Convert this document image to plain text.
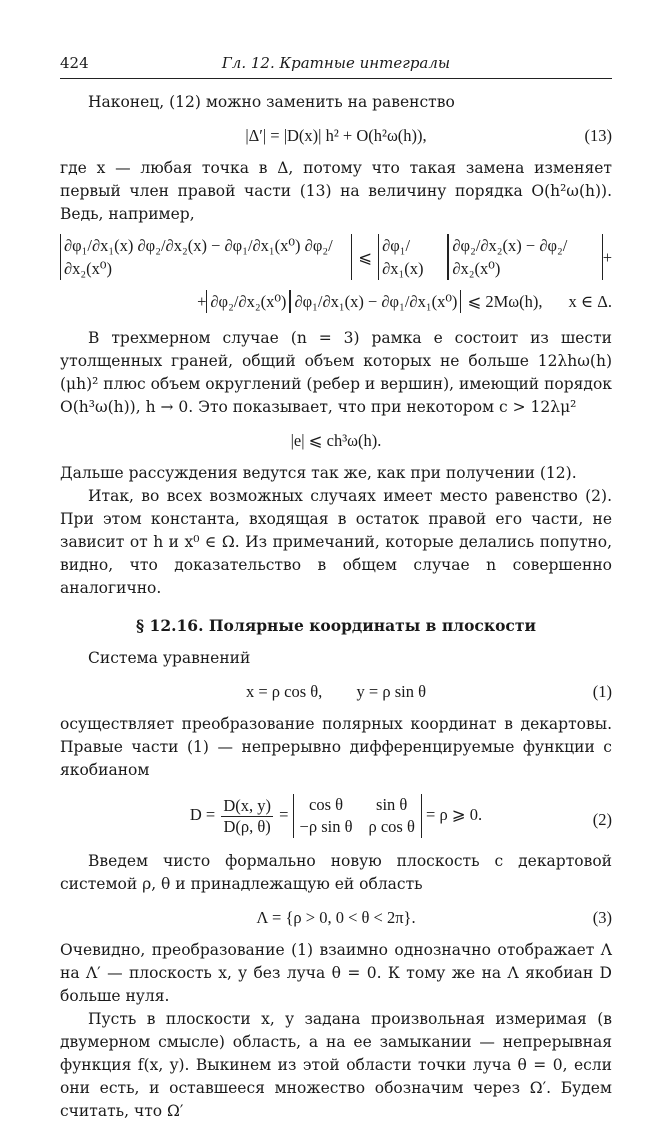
424	Гл. 12. Кратные интегралы

Наконец, (12) можно заменить на равенство

|Δ′| = |D(x)| h² + O(h²ω(h)),	(13)

где x — любая точка в Δ, потому что такая замена изменяет первый член правой части (13) на величину порядка O(h²ω(h)). Ведь, например,

∂φ₁/∂x₁(x) ∂φ₂/∂x₂(x) − ∂φ₁/∂x₁(x⁰) ∂φ₂/∂x₂(x⁰)
⩽
∂φ₁/∂x₁(x)
∂φ₂/∂x₂(x) − ∂φ₂/∂x₂(x⁰)
+
+ ∂φ₂/∂x₂(x⁰) ∂φ₁/∂x₁(x) − ∂φ₁/∂x₁(x⁰) ⩽ 2Mω(h), x ∈ Δ.

В трехмерном случае (n = 3) рамка e состоит из шести утолщенных граней, общий объем которых не больше 12λhω(h)(μh)² плюс объем округлений (ребер и вершин), имеющий порядок O(h³ω(h)), h → 0. Это показывает, что при некотором c > 12λμ²

|e| ⩽ ch³ω(h).

Дальше рассуждения ведутся так же, как при получении (12).

Итак, во всех возможных случаях имеет место равенство (2). При этом константа, входящая в остаток правой его части, не зависит от h и x⁰ ∈ Ω. Из примечаний, которые делались попутно, видно, что доказательство в общем случае n совершенно аналогично.

§ 12.16. Полярные координаты в плоскости

Система уравнений

x = ρ cos θ, y = ρ sin θ	(1)

осуществляет преобразование полярных координат в декартовы. Правые части (1) — непрерывно дифференцируемые функции с якобианом

$D = \frac{D(x, y)}{D(\rho, \theta)}$ =
cos θ	sin θ
−ρ sin θ ρ cos θ
= ρ ⩾ 0.	(2)

Введем чисто формально новую плоскость с декартовой системой ρ, θ и принадлежащую ей область

Λ = {ρ > 0, 0 < θ < 2π}.	(3)

Очевидно, преобразование (1) взаимно однозначно отображает Λ на Λ′ — плоскость x, y без луча θ = 0. К тому же на Λ якобиан D больше нуля.

Пусть в плоскости x, y задана произвольная измеримая (в двумерном смысле) область, а на ее замыкании — непрерывная функция f(x, y). Выкинем из этой области точки луча θ = 0, если они есть, и оставшееся множество обозначим через Ω′. Будем считать, что Ω′
